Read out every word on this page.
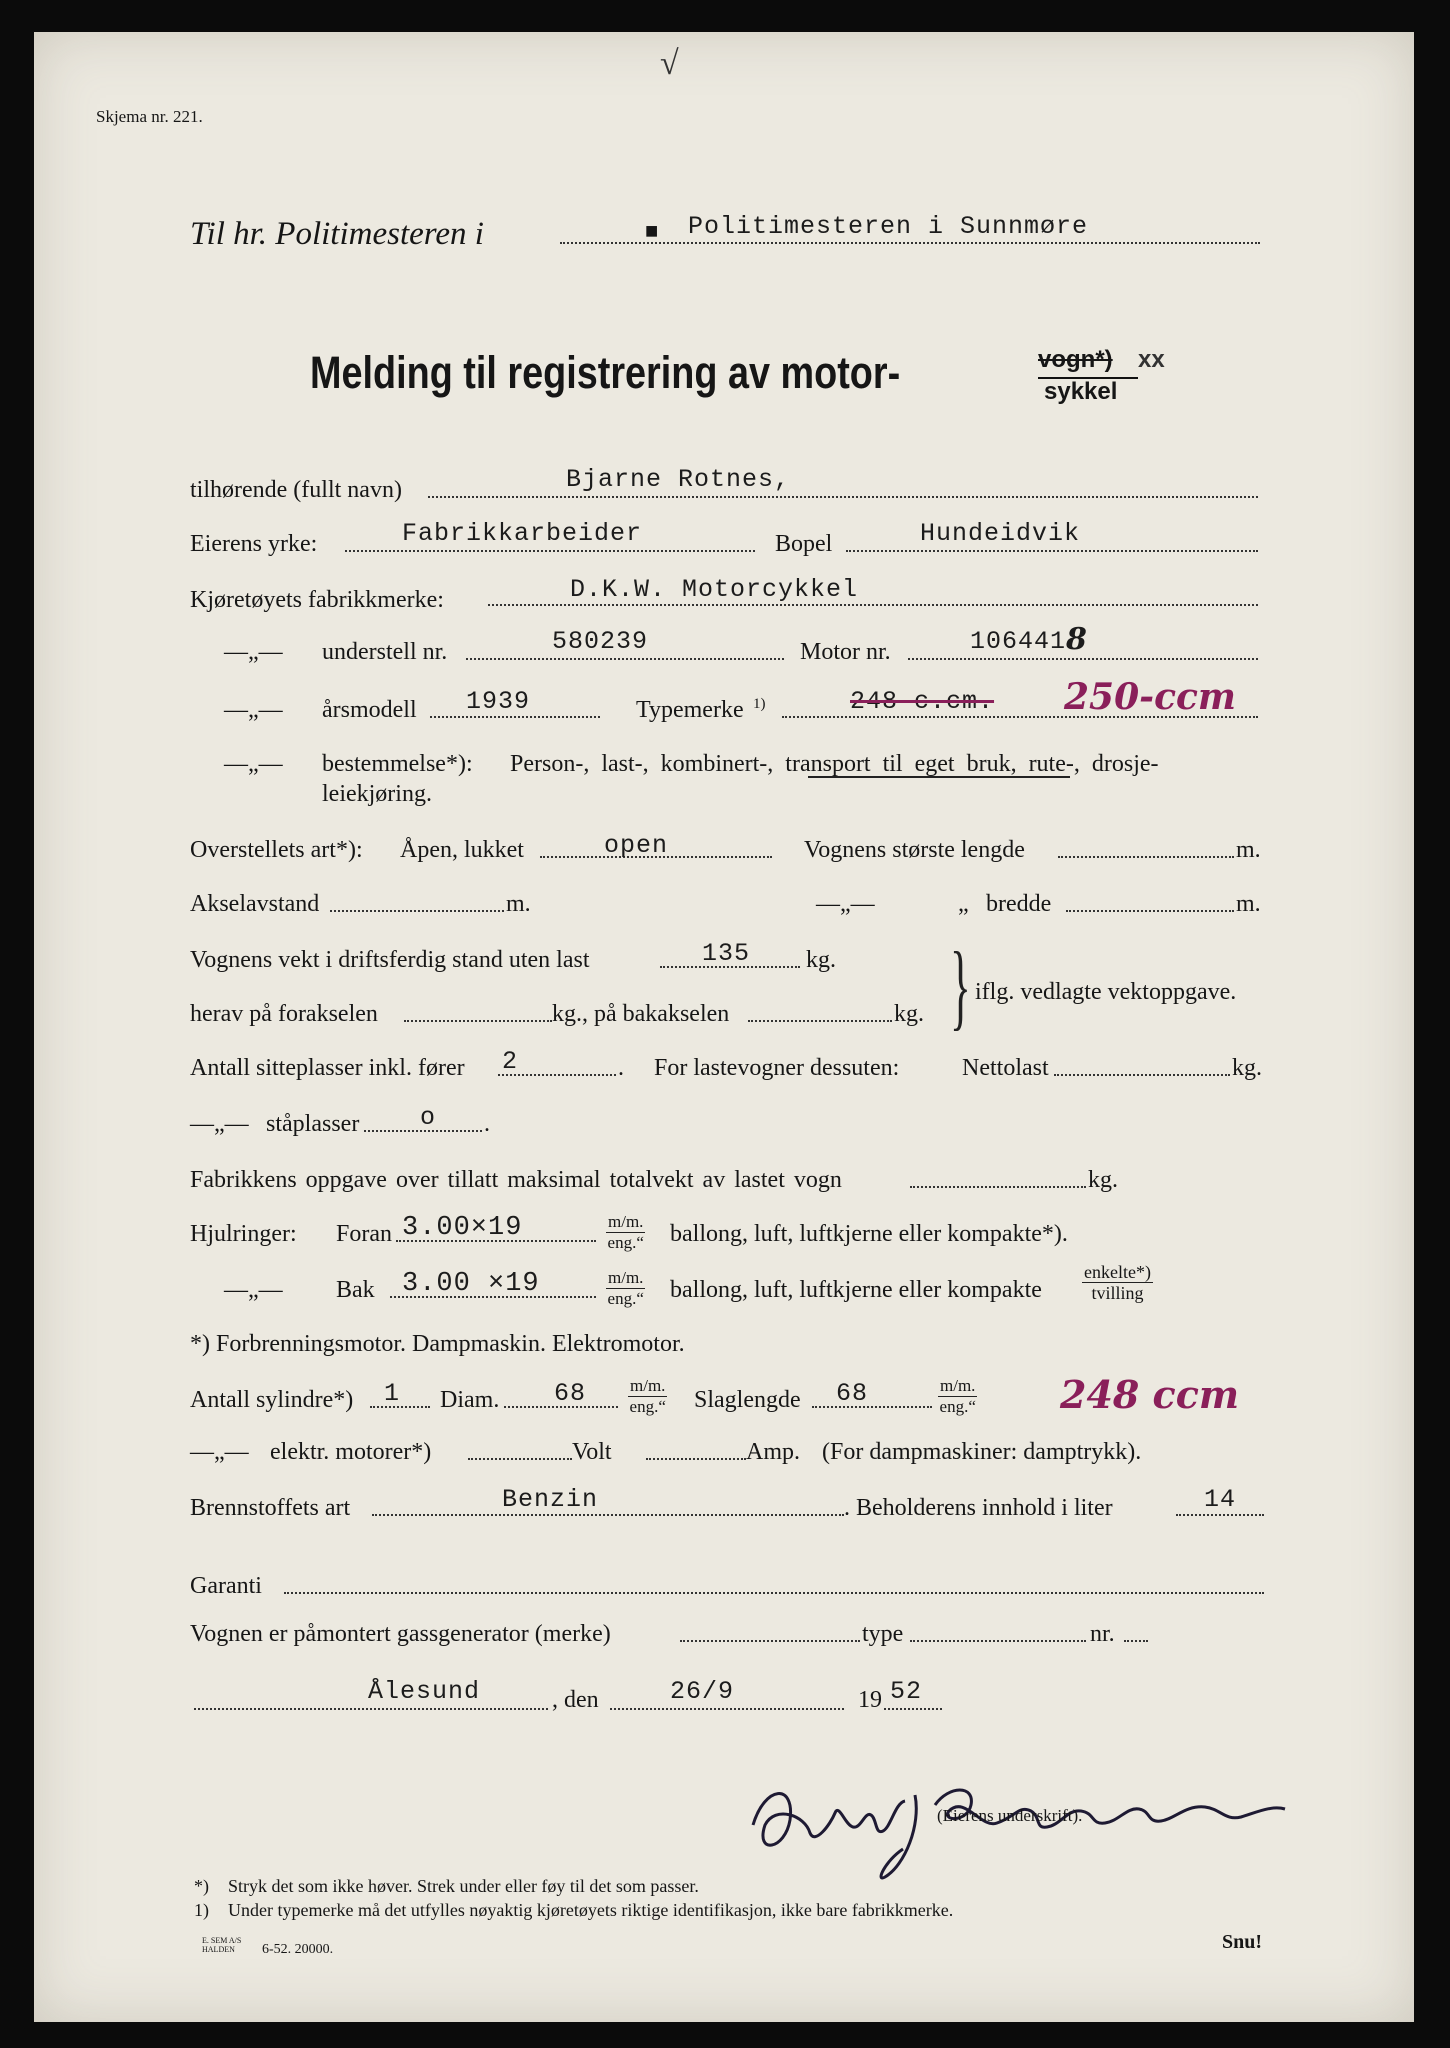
Skjema nr. 221.
√
Til hr. Politimesteren i	■ Politimesteren i Sunnmøre
Melding til registrering av motor-	vogn*) xx
sykkel
tilhørende (fullt navn)	Bjarne Rotnes,
Eierens yrke:	Fabrikkarbeider	Bopel	Hundeidvik
Kjøretøyets fabrikkmerke:	D.K.W. Motorcykkel
—„— understell nr.	580239	Motor nr.	106441 8
—„— årsmodell 1939	Typemerke 1)	248 c.cm. 250-ccm
—„— bestemmelse*): Person-, last-, kombinert-, transport til eget bruk, rute-, drosje-
leiekjøring.
Overstellets art*): Åpen, lukket	open	Vognens største lengde	m.
Akselavstand	m.	—„—	„ bredde	m.
Vognens vekt i driftsferdig stand uten last	135 kg.
herav på forakselen	kg., på bakakselen	kg. } iflg. vedlagte vektoppgave.
Antall sitteplasser inkl. fører 2	. For lastevogner dessuten:	Nettolast	kg.
—„— ståplasser o .
Fabrikkens oppgave over tillatt maksimal totalvekt av lastet vogn	kg.
Hjulringer: Foran 3.00×19	m/m.
eng.“ ballong, luft, luftkjerne eller kompakte*).
—„— Bak 3.00 ×19	m/m.
eng.“ ballong, luft, luftkjerne eller kompakte
enkelte*)
tvilling
*) Forbrenningsmotor. Dampmaskin. Elektromotor.
Antall sylindre*) 1 Diam. 68	m/m.
eng.“ Slaglengde 68	m/m.
eng.“ 248 ccm
—„— elektr. motorer*)	Volt	Amp. (For dampmaskiner: damptrykk).
Brennstoffets art	Benzin	. Beholderens innhold i liter	14
Garanti
Vognen er påmontert gassgenerator (merke)	type	nr.
Ålesund	, den	26/9	19 52
(Eierens underskrift).
*) Stryk det som ikke høver. Strek under eller føy til det som passer.
1) Under typemerke må det utfylles nøyaktig kjøretøyets riktige identifikasjon, ikke bare fabrikkmerke.
E. SEM A/S
HALDEN 6-52. 20000.	Snu!
